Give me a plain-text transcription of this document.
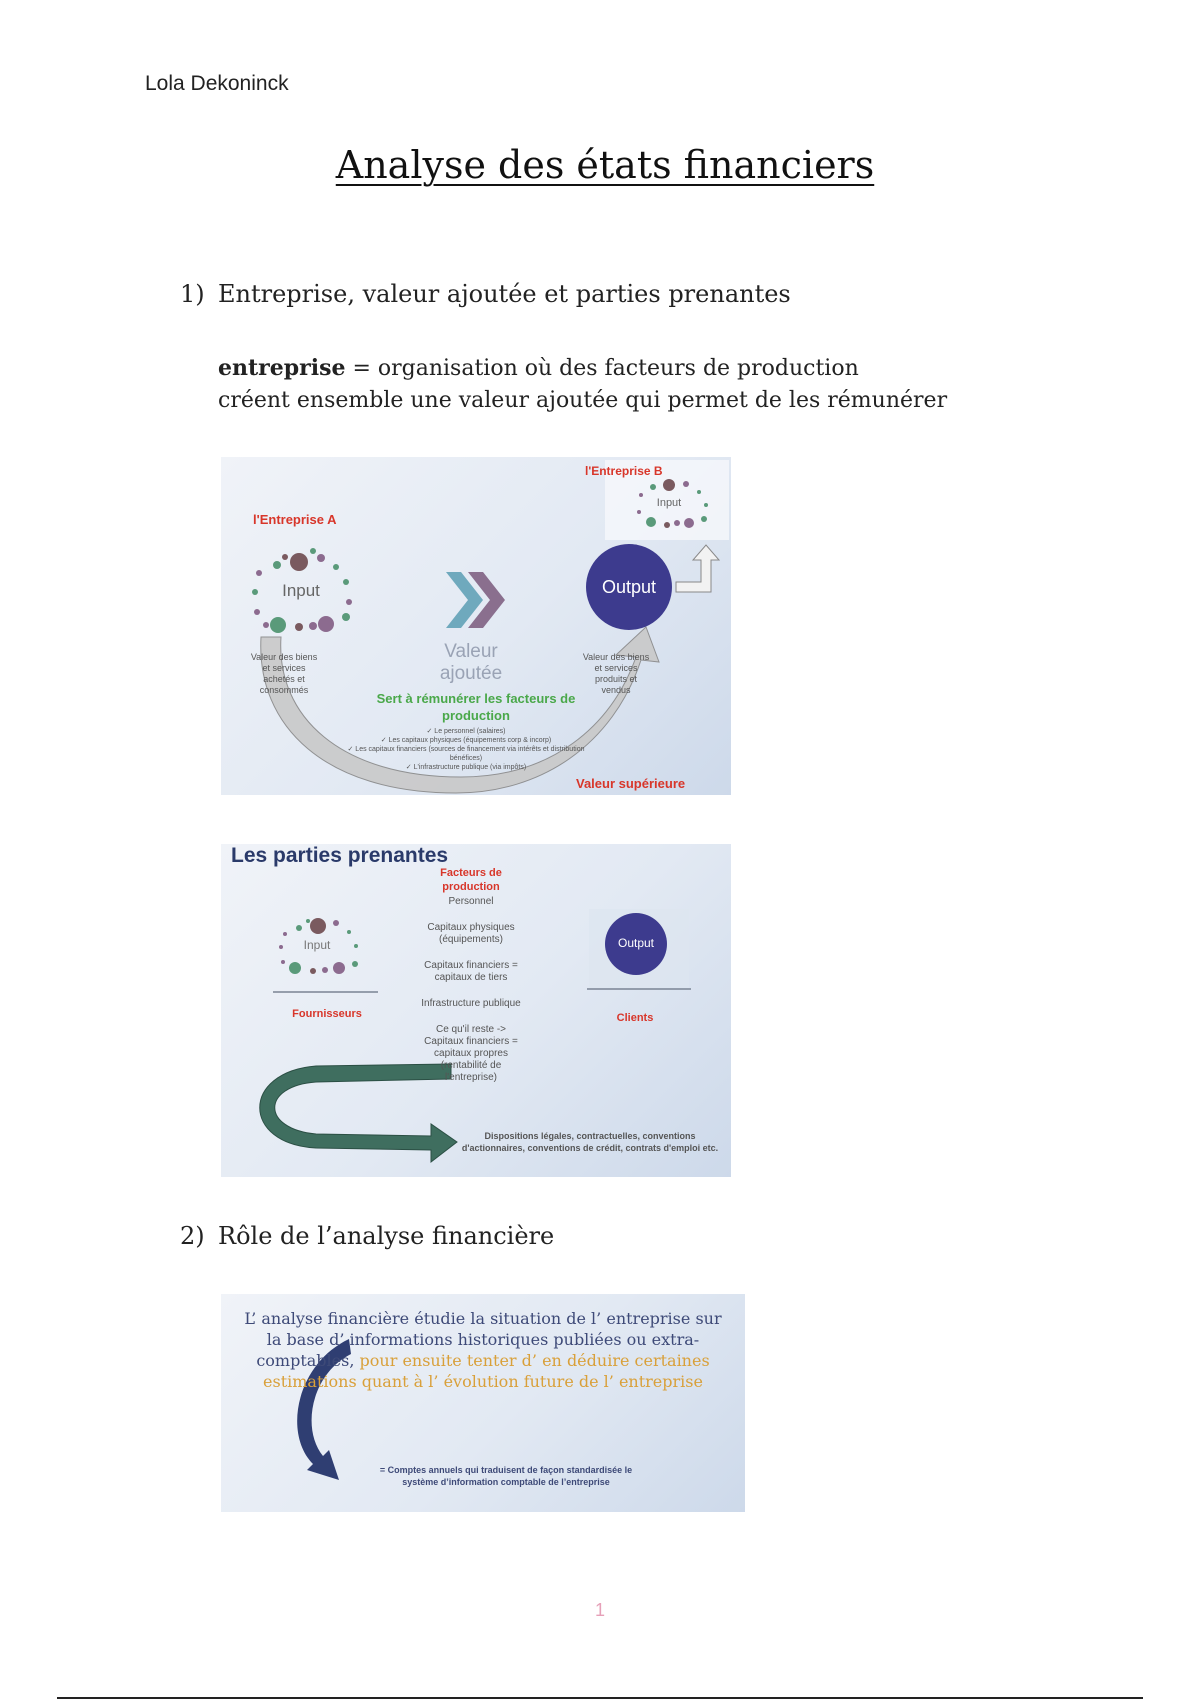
Lola Dekoninck
Analyse des états financiers
1) Entreprise, valeur ajoutée et parties prenantes
entreprise = organisation où des facteurs de production
créent ensemble une valeur ajoutée qui permet de les rémunérer
l'Entreprise A
l'Entreprise B
Input
Input
Output
Valeur ajoutée
Valeur des biens et services achetés et consommés
Valeur des biens et services produits et vendus
Sert à rémunérer les facteurs de production
✓ Le personnel (salaires)
✓ Les capitaux physiques (équipements corp & incorp)
✓ Les capitaux financiers (sources de financement via intérêts et distribution bénéfices)
✓ L'infrastructure publique (via impôts)
Valeur supérieure
Les parties prenantes
Facteurs de production
Personnel
Capitaux physiques (équipements)
Capitaux financiers = capitaux de tiers
Infrastructure publique
Ce qu'il reste -> Capitaux financiers = capitaux propres (rentabilité de l'entreprise)
Input	Output
Fournisseurs	Clients
Dispositions légales, contractuelles, conventions d'actionnaires, conventions de crédit, contrats d'emploi etc.
2) Rôle de l’analyse financière
L’ analyse financière étudie la situation de l’ entreprise sur la base d’ informations historiques publiées ou extra-comptables, pour ensuite tenter d’ en déduire certaines estimations quant à l’ évolution future de l’ entreprise
= Comptes annuels qui traduisent de façon standardisée le système d’information comptable de l’entreprise
1
